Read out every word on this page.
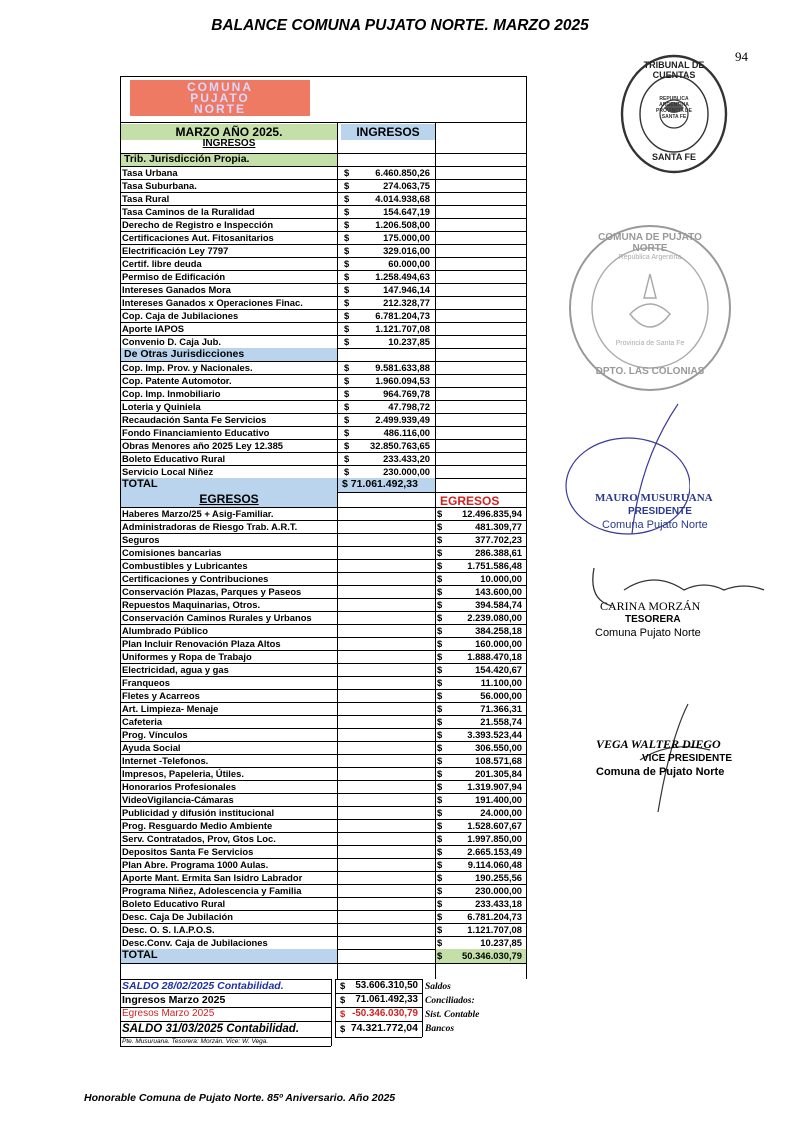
BALANCE COMUNA PUJATO NORTE. MARZO 2025
94
COMUNA
PUJATO
NORTE
Trib. Jurisdicción Propia.
Tasa Urbana	$	6.460.850,26
Tasa Suburbana.	$	274.063,75
Tasa Rural	$	4.014.938,68
Tasa Caminos de la Ruralidad	$	154.647,19
Derecho de Registro e Inspección	$	1.206.508,00
Certificaciones Aut. Fitosanitarios	$	175.000,00
Electrificación Ley 7797	$	329.016,00
Certif. libre deuda	$	60.000,00
Permiso de Edificación	$	1.258.494,63
Intereses Ganados Mora	$	147.946,14
Intereses Ganados x Operaciones Finac.	$	212.328,77
Cop. Caja de Jubilaciones	$	6.781.204,73
Aporte IAPOS	$	1.121.707,08
Convenio D. Caja Jub.	$	10.237,85
De Otras Jurisdicciones
Cop. Imp. Prov. y Nacionales.	$	9.581.633,88
Cop. Patente Automotor.	$	1.960.094,53
Cop. Imp. Inmobiliario	$	964.769,78
Loteria y Quiniela	$	47.798,72
Recaudación Santa Fe Servicios	$	2.499.939,49
Fondo Financiamiento Educativo	$	486.116,00
Obras Menores año 2025 Ley 12.385	$	32.850.763,65
Boleto Educativo Rural	$	233.433,20
Servicio Local Niñez	$	230.000,00
TOTAL	$ 71.061.492,33
EGRESOS	EGRESOS
Haberes Marzo/25 + Asig-Familiar.	$	12.496.835,94
Administradoras de Riesgo Trab. A.R.T.	$	481.309,77
Seguros	$	377.702,23
Comisiones bancarias	$	286.388,61
Combustibles y Lubricantes	$	1.751.586,48
Certificaciones y Contribuciones	$	10.000,00
Conservación Plazas, Parques y Paseos	$	143.600,00
Repuestos Maquinarias, Otros.	$	394.584,74
Conservación Caminos Rurales y Urbanos	$	2.239.080,00
Alumbrado Público	$	384.258,18
Plan Incluir Renovación Plaza Altos	$	160.000,00
Uniformes y Ropa de Trabajo	$	1.888.470,18
Electricidad, agua y gas	$	154.420,67
Franqueos	$	11.100,00
Fletes y Acarreos	$	56.000,00
Art. Limpieza- Menaje	$	71.366,31
Cafeteria	$	21.558,74
Prog. Vínculos	$	3.393.523,44
Ayuda Social	$	306.550,00
Internet -Telefonos.	$	108.571,68
Impresos, Papeleria, Útiles.	$	201.305,84
Honorarios Profesionales	$	1.319.907,94
VideoVigilancia-Cámaras	$	191.400,00
Publicidad y difusión institucional	$	24.000,00
Prog. Resguardo Medio Ambiente	$	1.528.607,67
Serv. Contratados, Prov, Gtos Loc.	$	1.997.850,00
Depositos Santa Fe Servicios	$	2.665.153,49
Plan Abre. Programa 1000 Aulas.	$	9.114.060,48
Aporte Mant. Ermita San Isidro Labrador	$	190.255,56
Programa Niñez, Adolescencia y Familia	$	230.000,00
Boleto Educativo Rural	$	233.433,18
Desc. Caja De Jubilación	$	6.781.204,73
Desc. O. S. I.A.P.O.S.	$	1.121.707,08
Desc.Conv. Caja de Jubilaciones	$	10.237,85
TOTAL	$	50.346.030,79
SALDO 28/02/2025 Contabilidad.	$	53.606.310,50 Saldos
Ingresos Marzo 2025	$	71.061.492,33 Conciliados:
Egresos Marzo 2025	$ -50.346.030,79 Sist. Contable
SALDO 31/03/2025 Contabilidad.	$ 74.321.772,04 Bancos
Pte. Musuruana. Tesorera: Morzán. Vice: W. Vega.
MARZO AÑO 2025.
INGRESOS
INGRESOS
TRIBUNAL DE CUENTAS
REPUBLICA ARGENTINA PROVINCIA DE SANTA FE
SANTA FE
COMUNA DE PUJATO NORTE
República Argentina
Provincia de Santa Fe
DPTO. LAS COLONIAS
MAURO MUSURUANA
PRESIDENTE
Comuna Pujato Norte
CARINA MORZÁN
TESORERA
Comuna Pujato Norte
VEGA WALTER DIEGO
VICE PRESIDENTE
Comuna de Pujato Norte
Honorable Comuna de Pujato Norte. 85º Aniversario. Año 2025
